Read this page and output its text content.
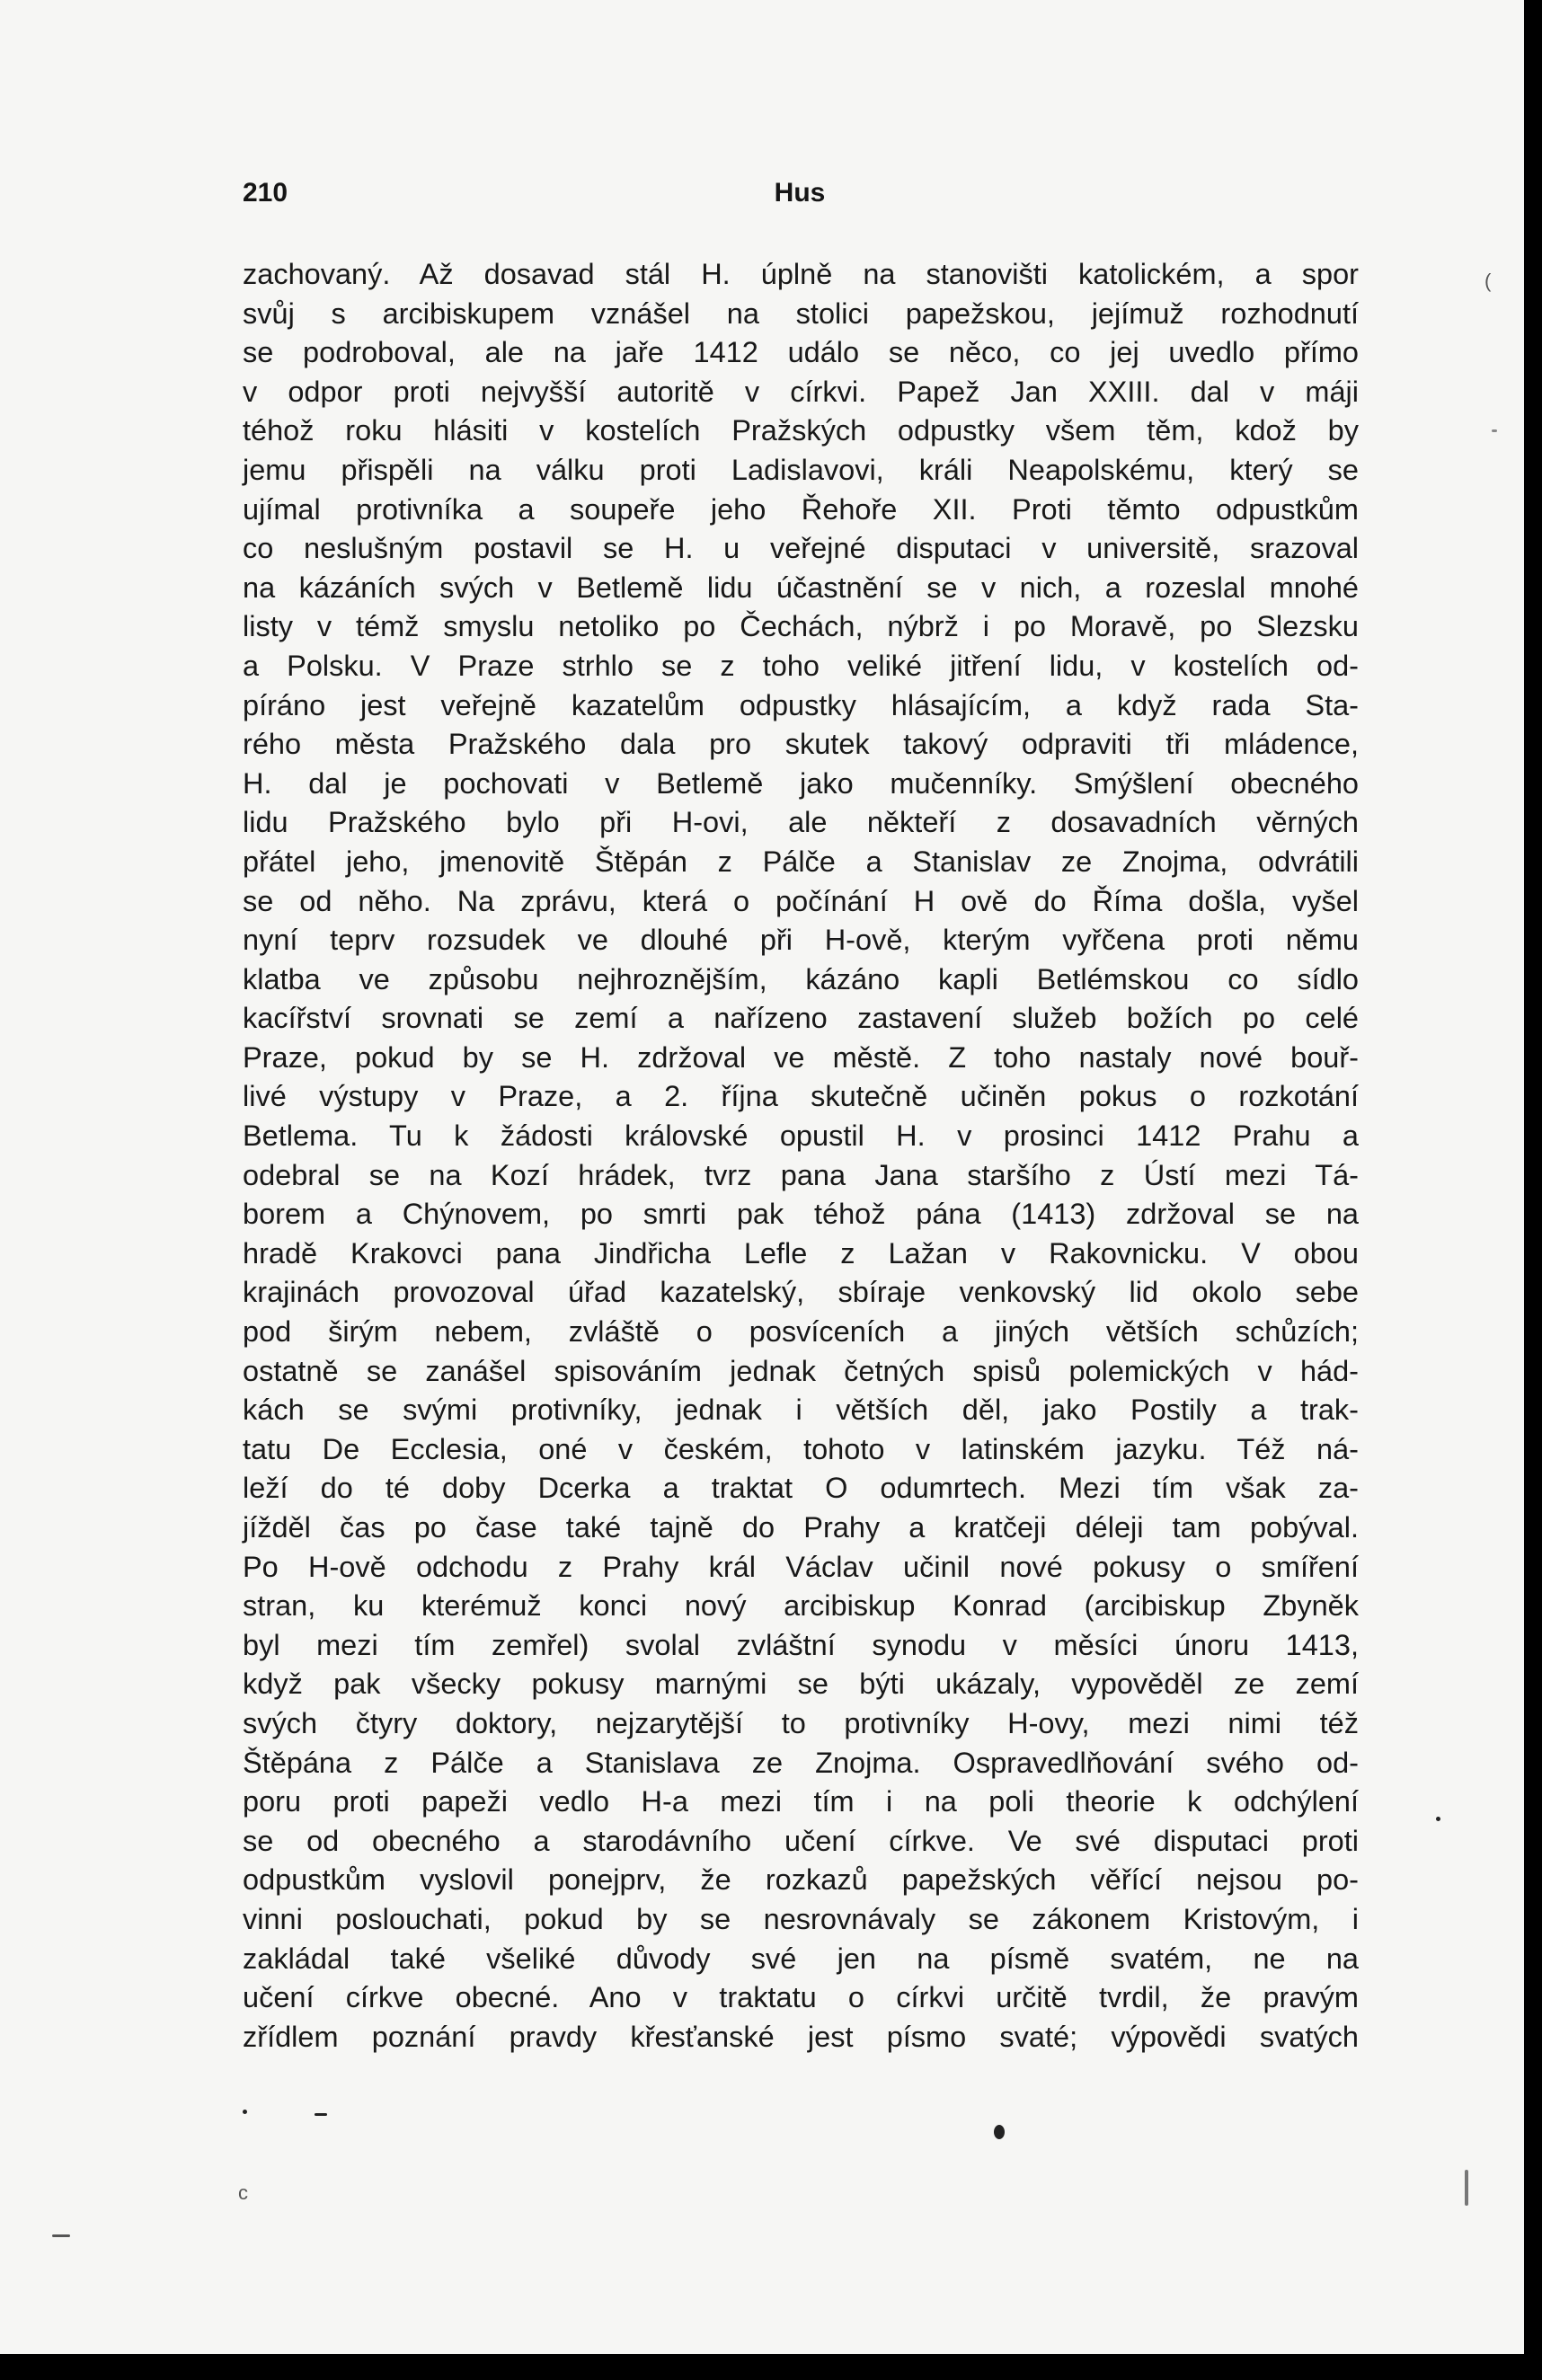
210	Hus
zachovaný. Až dosavad stál H. úplně na stanovišti katolickém, a spor
svůj s arcibiskupem vznášel na stolici papežskou, jejímuž rozhodnutí
se podroboval, ale na jaře 1412 událo se něco, co jej uvedlo přímo
v odpor proti nejvyšší autoritě v církvi. Papež Jan XXIII. dal v máji
téhož roku hlásiti v kostelích Pražských odpustky všem těm, kdož by
jemu přispěli na válku proti Ladislavovi, králi Neapolskému, který se
ujímal protivníka a soupeře jeho Řehoře XII. Proti těmto odpustkům
co neslušným postavil se H. u veřejné disputaci v universitě, srazoval
na kázáních svých v Betlemě lidu účastnění se v nich, a rozeslal mnohé
listy v témž smyslu netoliko po Čechách, nýbrž i po Moravě, po Slezsku
a Polsku. V Praze strhlo se z toho veliké jitření lidu, v kostelích od-
píráno jest veřejně kazatelům odpustky hlásajícím, a když rada Sta-
rého města Pražského dala pro skutek takový odpraviti tři mládence,
H. dal je pochovati v Betlemě jako mučenníky. Smýšlení obecného
lidu Pražského bylo při H-ovi, ale někteří z dosavadních věrných
přátel jeho, jmenovitě Štěpán z Pálče a Stanislav ze Znojma, odvrátili
se od něho. Na zprávu, která o počínání H ově do Říma došla, vyšel
nyní teprv rozsudek ve dlouhé při H-ově, kterým vyřčena proti němu
klatba ve způsobu nejhroznějším, kázáno kapli Betlémskou co sídlo
kacířství srovnati se zemí a nařízeno zastavení služeb božích po celé
Praze, pokud by se H. zdržoval ve městě. Z toho nastaly nové bouř-
livé výstupy v Praze, a 2. října skutečně učiněn pokus o rozkotání
Betlema. Tu k žádosti královské opustil H. v prosinci 1412 Prahu a
odebral se na Kozí hrádek, tvrz pana Jana staršího z Ústí mezi Tá-
borem a Chýnovem, po smrti pak téhož pána (1413) zdržoval se na
hradě Krakovci pana Jindřicha Lefle z Lažan v Rakovnicku. V obou
krajinách provozoval úřad kazatelský, sbíraje venkovský lid okolo sebe
pod širým nebem, zvláště o posvíceních a jiných větších schůzích;
ostatně se zanášel spisováním jednak četných spisů polemických v hád-
kách se svými protivníky, jednak i větších děl, jako Postily a trak-
tatu De Ecclesia, oné v českém, tohoto v latinském jazyku. Též ná-
leží do té doby Dcerka a traktat O odumrtech. Mezi tím však za-
jížděl čas po čase také tajně do Prahy a kratčeji déleji tam pobýval.
Po H-ově odchodu z Prahy král Václav učinil nové pokusy o smíření
stran, ku kterémuž konci nový arcibiskup Konrad (arcibiskup Zbyněk
byl mezi tím zemřel) svolal zvláštní synodu v měsíci únoru 1413,
když pak všecky pokusy marnými se býti ukázaly, vypověděl ze zemí
svých čtyry doktory, nejzarytější to protivníky H-ovy, mezi nimi též
Štěpána z Pálče a Stanislava ze Znojma. Ospravedlňování svého od-
poru proti papeži vedlo H-a mezi tím i na poli theorie k odchýlení
se od obecného a starodávního učení církve. Ve své disputaci proti
odpustkům vyslovil ponejprv, že rozkazů papežských věřící nejsou po-
vinni poslouchati, pokud by se nesrovnávaly se zákonem Kristovým, i
zakládal také všeliké důvody své jen na písmě svatém, ne na
učení církve obecné. Ano v traktatu o církvi určitě tvrdil, že pravým
zřídlem poznání pravdy křesťanské jest písmo svaté; výpovědi svatých
(
c
